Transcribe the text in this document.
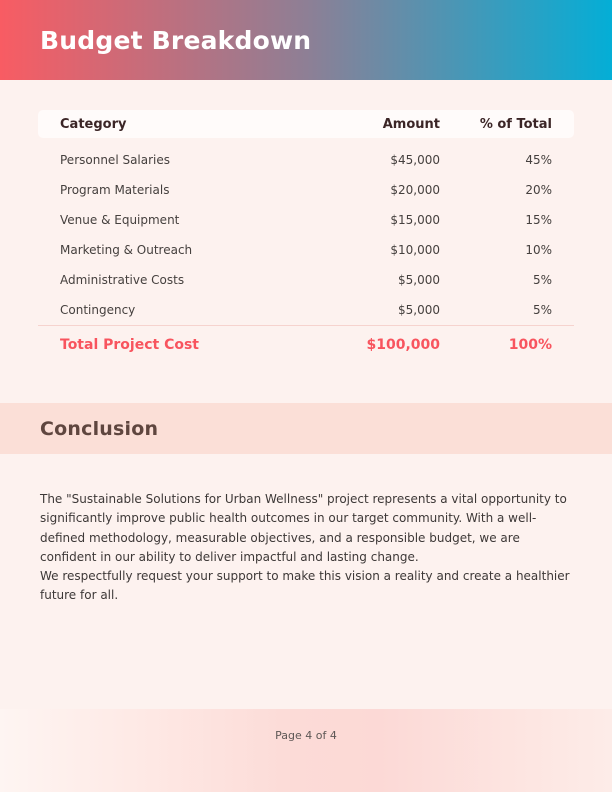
Budget Breakdown
Category	Amount	% of Total
Personnel Salaries	$45,000	45%
Program Materials	$20,000	20%
Venue & Equipment	$15,000	15%
Marketing & Outreach	$10,000	10%
Administrative Costs	$5,000	5%
Contingency	$5,000	5%
Total Project Cost	$100,000	100%
Conclusion

The "Sustainable Solutions for Urban Wellness" project represents a vital opportunity to significantly improve public health outcomes in our target community. With a well-defined methodology, measurable objectives, and a responsible budget, we are confident in our ability to deliver impactful and lasting change.

We respectfully request your support to make this vision a reality and create a healthier future for all.

Page 4 of 4
